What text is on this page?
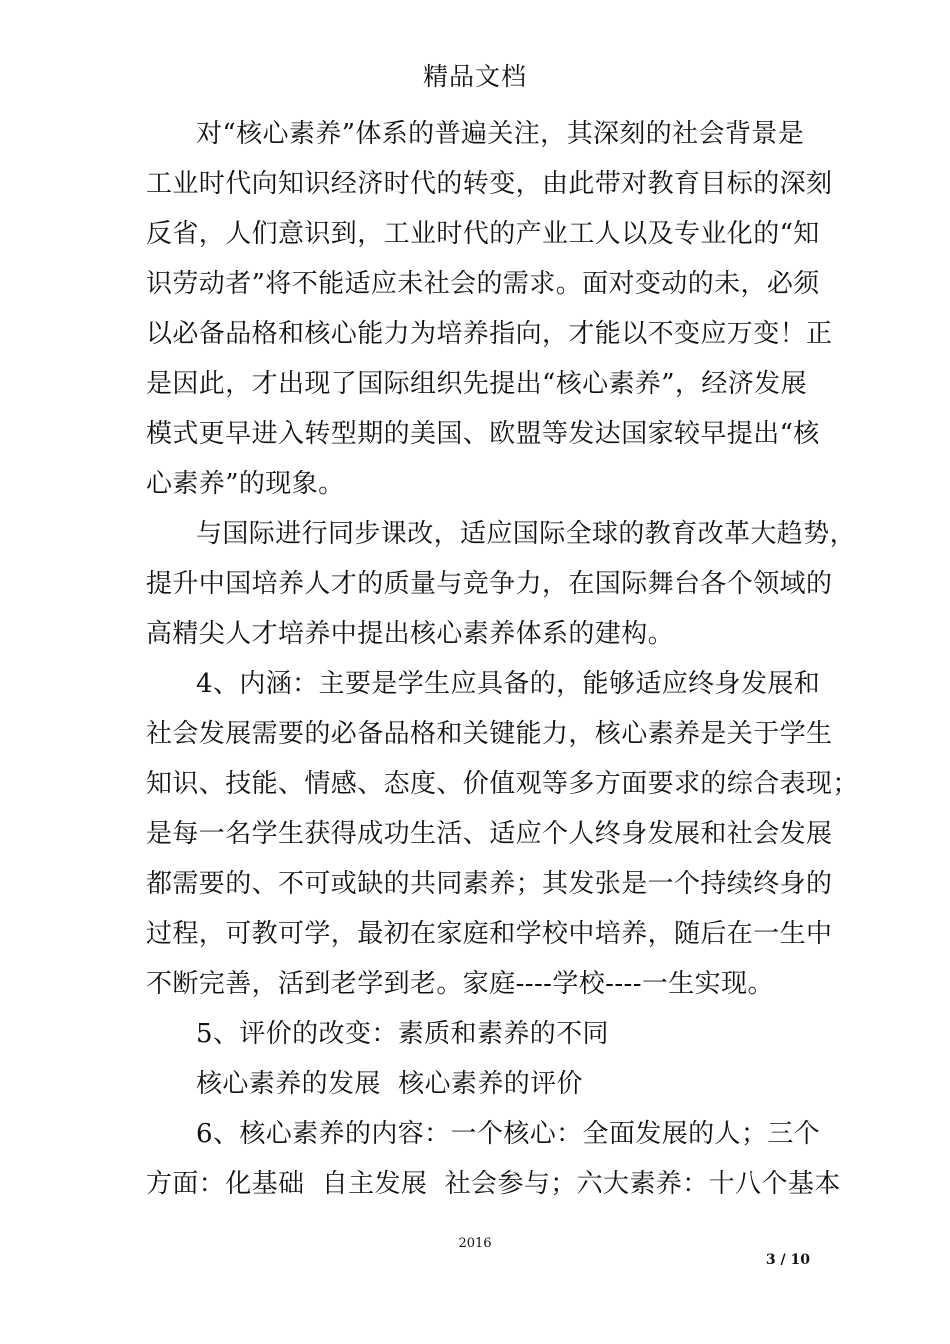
精品文档
对“核心素养”体系的普遍关注，其深刻的社会背景是
工业时代向知识经济时代的转变，由此带对教育目标的深刻
反省，人们意识到，工业时代的产业工人以及专业化的“知
识劳动者”将不能适应未社会的需求。面对变动的未，必须
以必备品格和核心能力为培养指向，才能以不变应万变！正
是因此，才出现了国际组织先提出“核心素养”，经济发展
模式更早进入转型期的美国、欧盟等发达国家较早提出“核
心素养”的现象。
与国际进行同步课改，适应国际全球的教育改革大趋势，
提升中国培养人才的质量与竞争力，在国际舞台各个领域的
高精尖人才培养中提出核心素养体系的建构。
4、内涵：主要是学生应具备的，能够适应终身发展和
社会发展需要的必备品格和关键能力，核心素养是关于学生
知识、技能、情感、态度、价值观等多方面要求的综合表现；
是每一名学生获得成功生活、适应个人终身发展和社会发展
都需要的、不可或缺的共同素养；其发张是一个持续终身的
过程，可教可学，最初在家庭和学校中培养，随后在一生中
不断完善，活到老学到老。家庭----学校----一生实现。
5、评价的改变：素质和素养的不同
核心素养的发展  核心素养的评价
6、核心素养的内容：一个核心：全面发展的人；三个
方面：化基础  自主发展  社会参与；六大素养：十八个基本
2016
3 / 10
